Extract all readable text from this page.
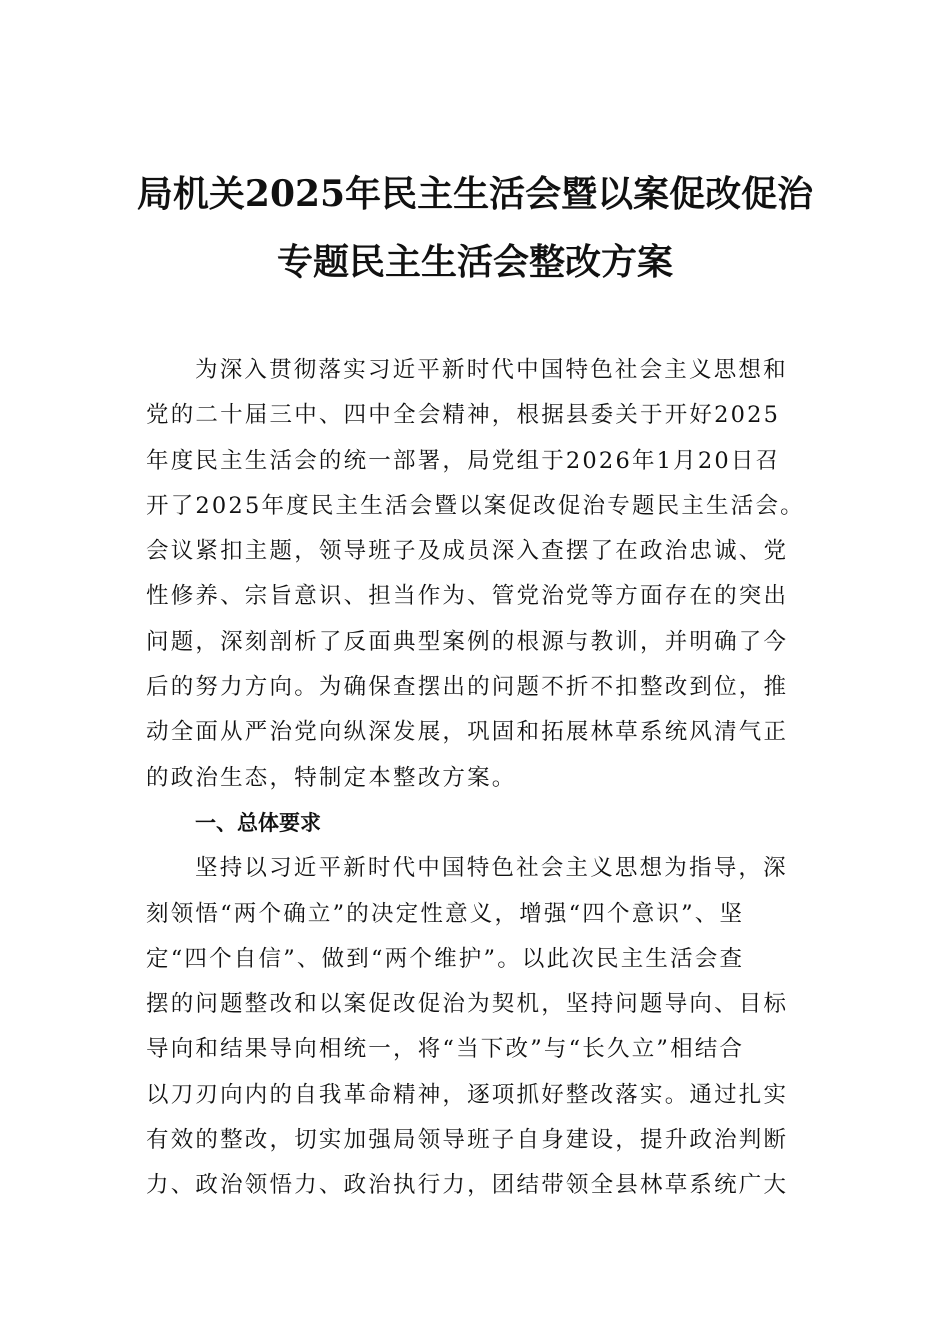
局机关2025年民主生活会暨以案促改促治
专题民主生活会整改方案
为深入贯彻落实习近平新时代中国特色社会主义思想和
党的二十届三中、四中全会精神，根据县委关于开好2025
年度民主生活会的统一部署，局党组于2026年1月20日召
开了2025年度民主生活会暨以案促改促治专题民主生活会。
会议紧扣主题，领导班子及成员深入查摆了在政治忠诚、党
性修养、宗旨意识、担当作为、管党治党等方面存在的突出
问题，深刻剖析了反面典型案例的根源与教训，并明确了今
后的努力方向。为确保查摆出的问题不折不扣整改到位，推
动全面从严治党向纵深发展，巩固和拓展林草系统风清气正
的政治生态，特制定本整改方案。
一、总体要求
坚持以习近平新时代中国特色社会主义思想为指导，深
刻领悟“两个确立”的决定性意义，增强“四个意识”、坚
定“四个自信”、做到“两个维护”。以此次民主生活会查
摆的问题整改和以案促改促治为契机，坚持问题导向、目标
导向和结果导向相统一，将“当下改”与“长久立”相结合
以刀刃向内的自我革命精神，逐项抓好整改落实。通过扎实
有效的整改，切实加强局领导班子自身建设，提升政治判断
力、政治领悟力、政治执行力，团结带领全县林草系统广大
